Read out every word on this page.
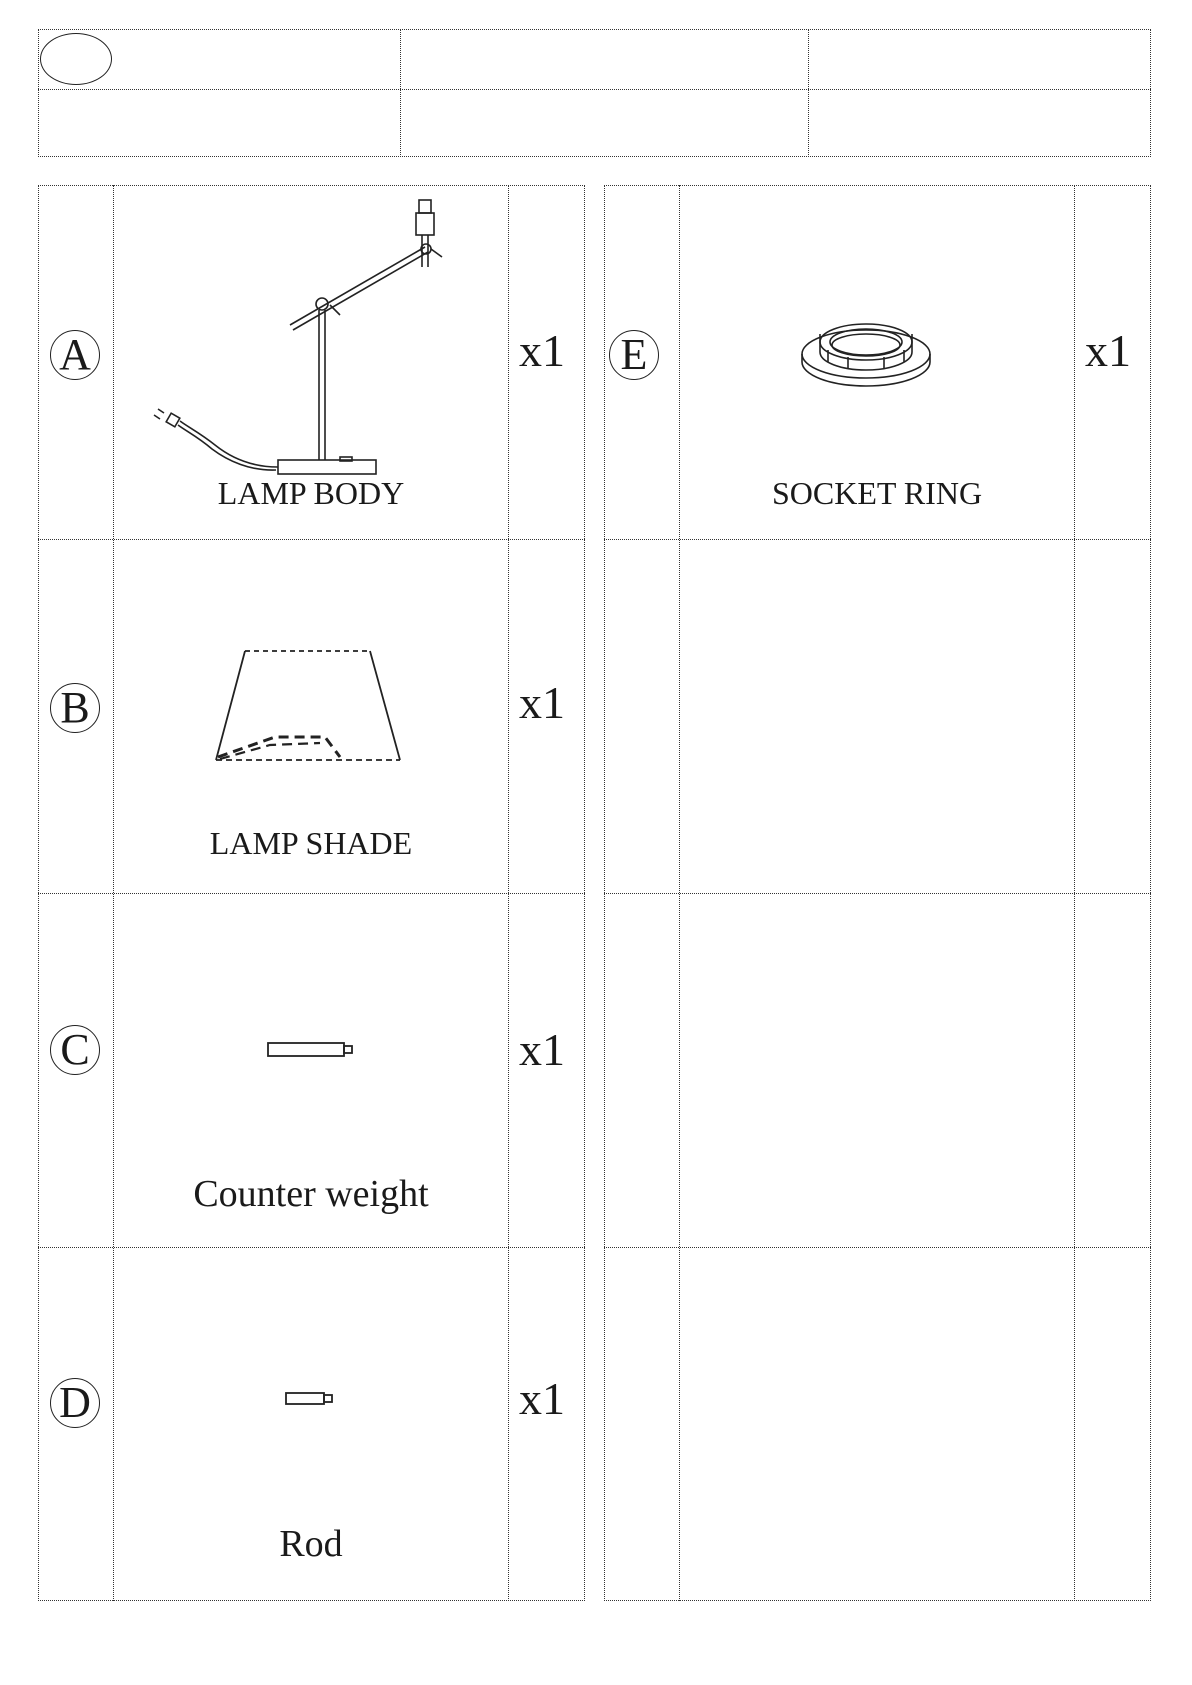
A
LAMP BODY
x1
B
LAMP SHADE
x1
C
Counter weight
x1
D
Rod
x1
E
SOCKET RING
x1
